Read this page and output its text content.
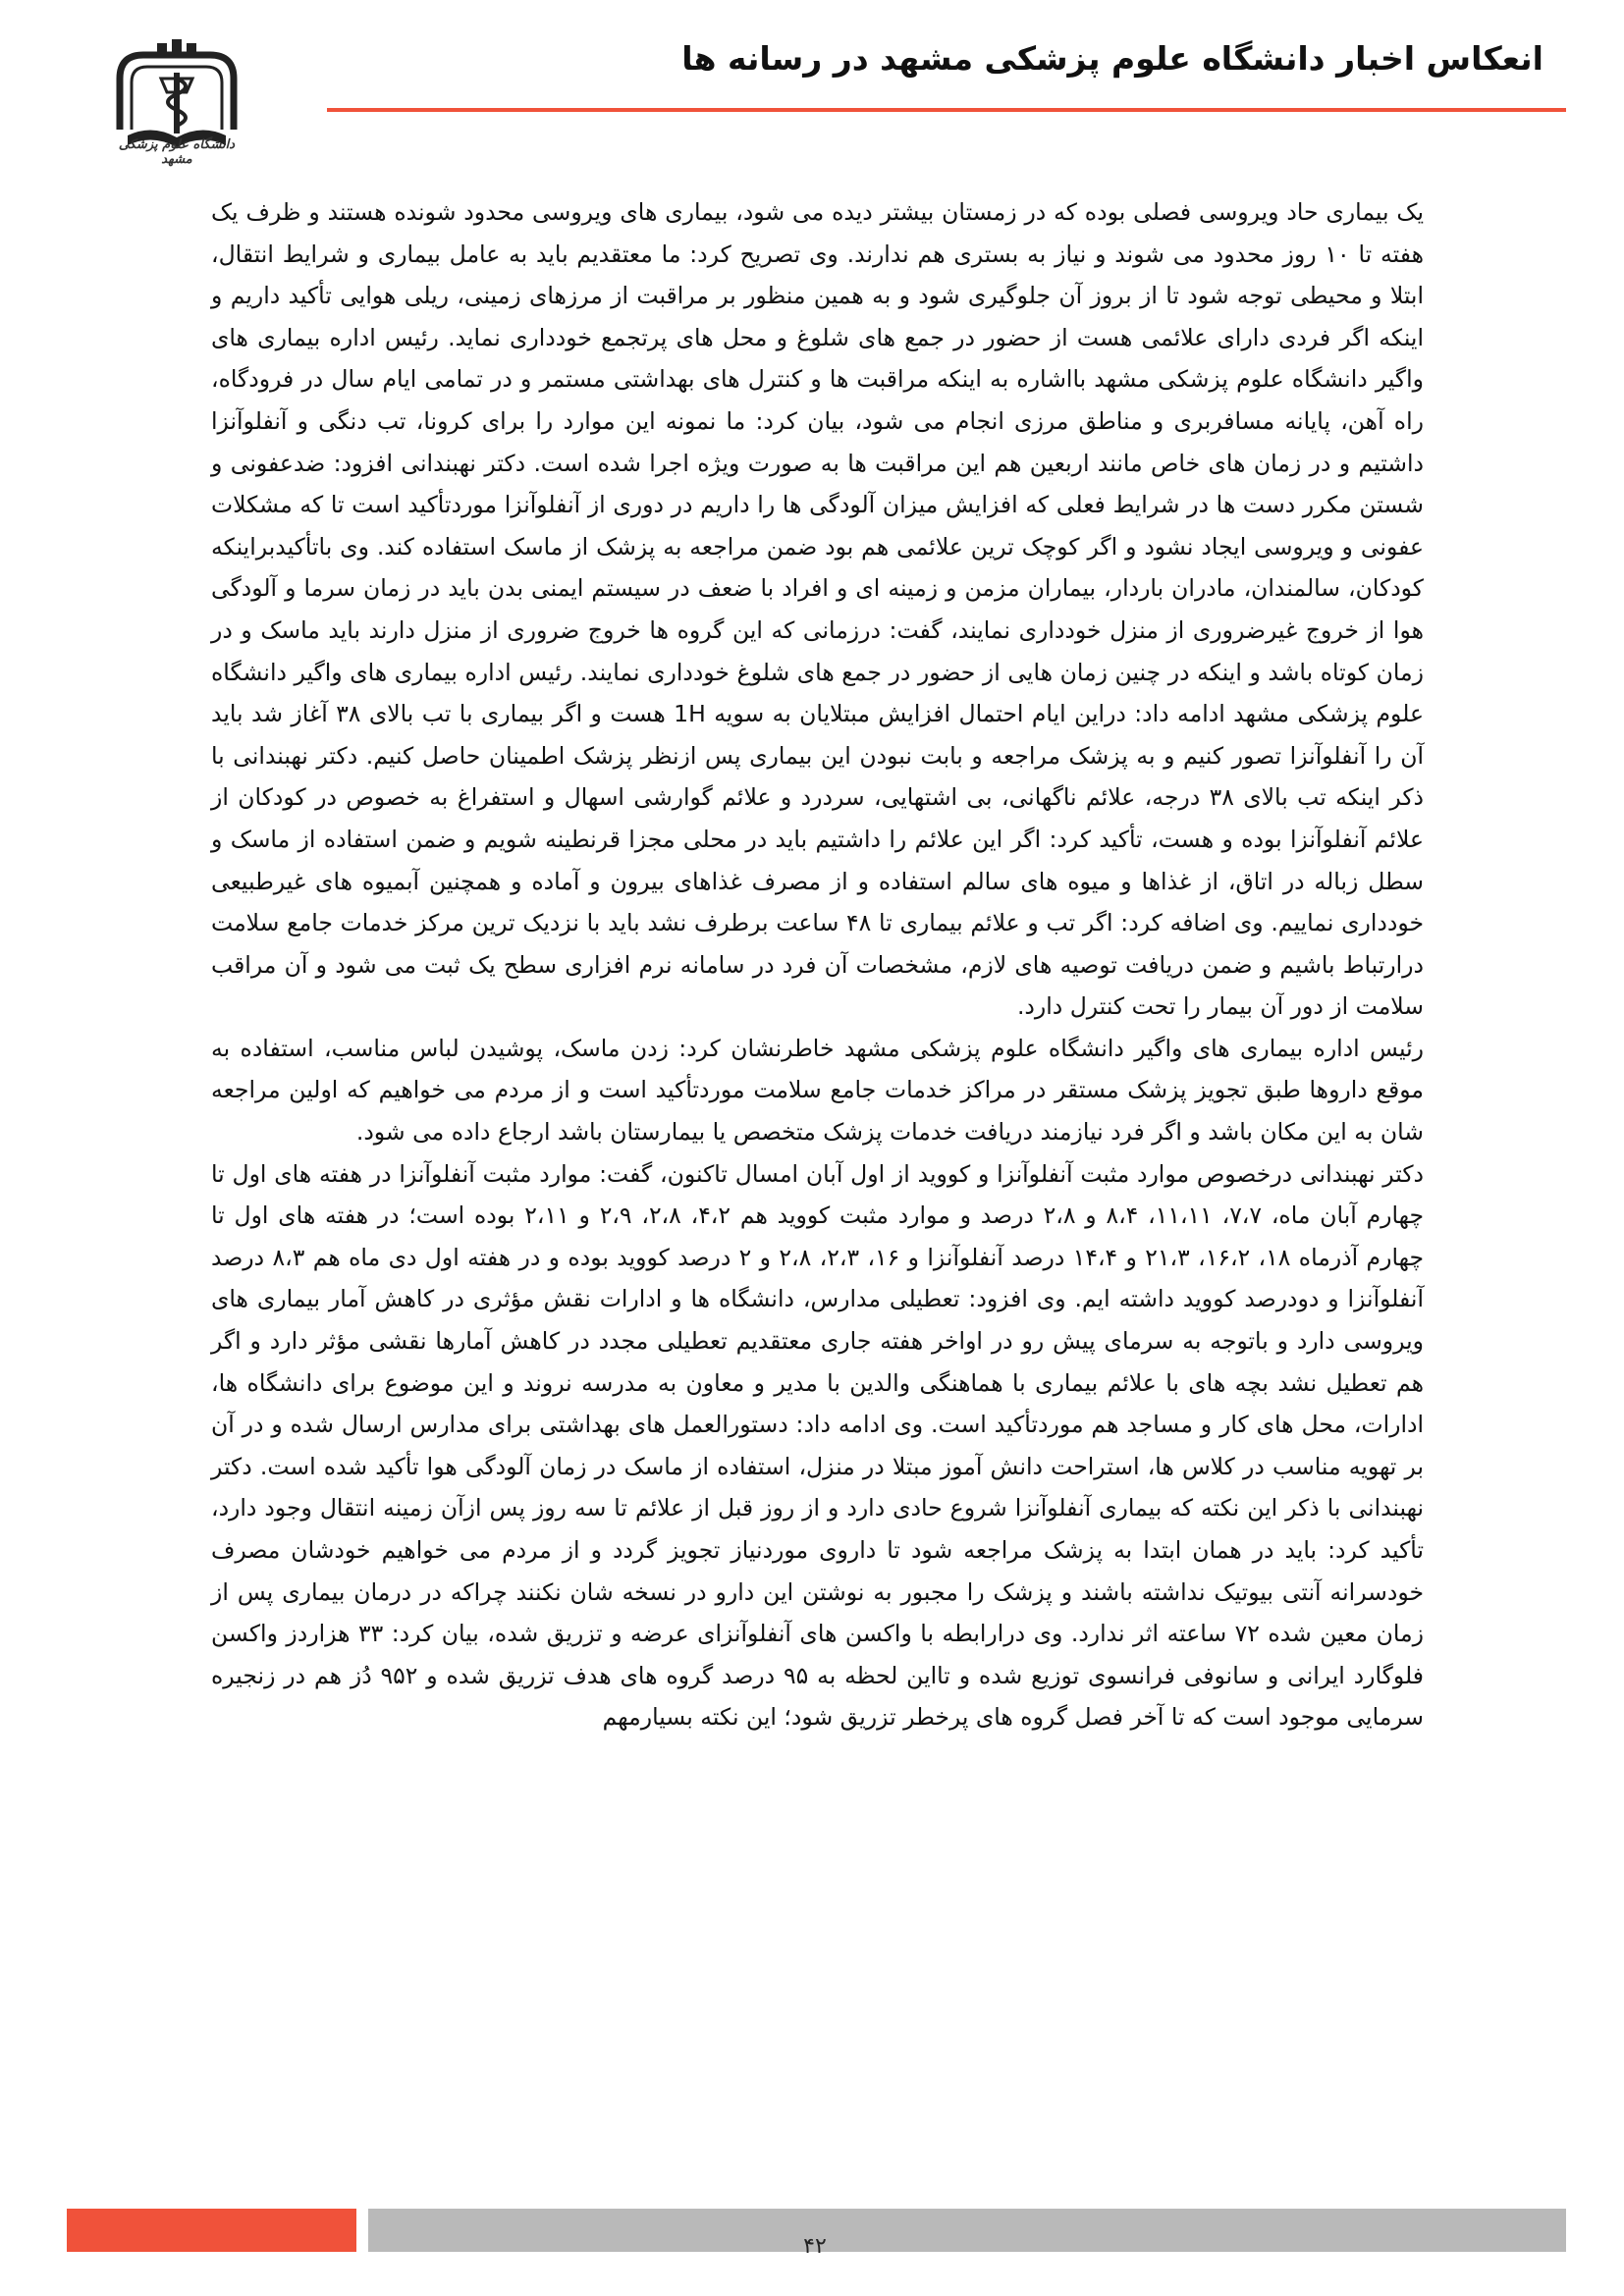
انعکاس اخبار دانشگاه علوم پزشکی مشهد در رسانه ها
دانشگاه علوم پزشکی مشهد

یک بیماری حاد ویروسی فصلی بوده که در زمستان بیشتر دیده می شود، بیماری های ویروسی محدود شونده هستند و ظرف یک هفته تا ۱۰ روز محدود می شوند و نیاز به بستری هم ندارند. وی تصریح کرد: ما معتقدیم باید به عامل بیماری و شرایط انتقال، ابتلا و محیطی توجه شود تا از بروز آن جلوگیری شود و به همین منظور بر مراقبت از مرزهای زمینی، ریلی هوایی تأکید داریم و اینکه اگر فردی دارای علائمی هست از حضور در جمع های شلوغ و محل های پرتجمع خودداری نماید. رئیس اداره بیماری های واگیر دانشگاه علوم پزشکی مشهد بااشاره به اینکه مراقبت ها و کنترل های بهداشتی مستمر و در تمامی ایام سال در فرودگاه، راه آهن، پایانه مسافربری و مناطق مرزی انجام می شود، بیان کرد: ما نمونه این موارد را برای کرونا، تب دنگی و آنفلوآنزا داشتیم و در زمان های خاص مانند اربعین هم این مراقبت ها به صورت ویژه اجرا شده است. دکتر نهبندانی افزود: ضدعفونی و شستن مکرر دست ها در شرایط فعلی که افزایش میزان آلودگی ها را داریم در دوری از آنفلوآنزا موردتأکید است تا که مشکلات عفونی و ویروسی ایجاد نشود و اگر کوچک ترین علائمی هم بود ضمن مراجعه به پزشک از ماسک استفاده کند. وی باتأکیدبراینکه کودکان، سالمندان، مادران باردار، بیماران مزمن و زمینه ای و افراد با ضعف در سیستم ایمنی بدن باید در زمان سرما و آلودگی هوا از خروج غیرضروری از منزل خودداری نمایند، گفت: درزمانی که این گروه ها خروج ضروری از منزل دارند باید ماسک و در زمان کوتاه باشد و اینکه در چنین زمان هایی از حضور در جمع های شلوغ خودداری نمایند. رئیس اداره بیماری های واگیر دانشگاه علوم پزشکی مشهد ادامه داد: دراین ایام احتمال افزایش مبتلایان به سویه 1H هست و اگر بیماری با تب بالای ۳۸ آغاز شد باید آن را آنفلوآنزا تصور کنیم و به پزشک مراجعه و بابت نبودن این بیماری پس ازنظر پزشک اطمینان حاصل کنیم. دکتر نهبندانی با ذکر اینکه تب بالای ۳۸ درجه، علائم ناگهانی، بی اشتهایی، سردرد و علائم گوارشی اسهال و استفراغ به خصوص در کودکان از علائم آنفلوآنزا بوده و هست، تأکید کرد: اگر این علائم را داشتیم باید در محلی مجزا قرنطینه شویم و ضمن استفاده از ماسک و سطل زباله در اتاق، از غذاها و میوه های سالم استفاده و از مصرف غذاهای بیرون و آماده و همچنین آبمیوه های غیرطبیعی خودداری نماییم. وی اضافه کرد: اگر تب و علائم بیماری تا ۴۸ ساعت برطرف نشد باید با نزدیک ترین مرکز خدمات جامع سلامت درارتباط باشیم و ضمن دریافت توصیه های لازم، مشخصات آن فرد در سامانه نرم افزاری سطح یک ثبت می شود و آن مراقب سلامت از دور آن بیمار را تحت کنترل دارد.

رئیس اداره بیماری های واگیر دانشگاه علوم پزشکی مشهد خاطرنشان کرد: زدن ماسک، پوشیدن لباس مناسب، استفاده به موقع داروها طبق تجویز پزشک مستقر در مراکز خدمات جامع سلامت موردتأکید است و از مردم می خواهیم که اولین مراجعه شان به این مکان باشد و اگر فرد نیازمند دریافت خدمات پزشک متخصص یا بیمارستان باشد ارجاع داده می شود.

دکتر نهبندانی درخصوص موارد مثبت آنفلوآنزا و کووید از اول آبان امسال تاکنون، گفت: موارد مثبت آنفلوآنزا در هفته های اول تا چهارم آبان ماه، ۷،۷، ۱۱،۱۱، ۸،۴ و ۲،۸ درصد و موارد مثبت کووید هم ۴،۲، ۲،۸، ۲،۹ و ۲،۱۱ بوده است؛ در هفته های اول تا چهارم آذرماه ۱۸، ۱۶،۲، ۲۱،۳ و ۱۴،۴ درصد آنفلوآنزا و ۱۶، ۲،۳، ۲،۸ و ۲ درصد کووید بوده و در هفته اول دی ماه هم ۸،۳ درصد آنفلوآنزا و دودرصد کووید داشته ایم. وی افزود: تعطیلی مدارس، دانشگاه ها و ادارات نقش مؤثری در کاهش آمار بیماری های ویروسی دارد و باتوجه به سرمای پیش رو در اواخر هفته جاری معتقدیم تعطیلی مجدد در کاهش آمارها نقشی مؤثر دارد و اگر هم تعطیل نشد بچه های با علائم بیماری با هماهنگی والدین با مدیر و معاون به مدرسه نروند و این موضوع برای دانشگاه ها، ادارات، محل های کار و مساجد هم موردتأکید است. وی ادامه داد: دستورالعمل های بهداشتی برای مدارس ارسال شده و در آن بر تهویه مناسب در کلاس ها، استراحت دانش آموز مبتلا در منزل، استفاده از ماسک در زمان آلودگی هوا تأکید شده است. دکتر نهبندانی با ذکر این نکته که بیماری آنفلوآنزا شروع حادی دارد و از روز قبل از علائم تا سه روز پس ازآن زمینه انتقال وجود دارد، تأکید کرد: باید در همان ابتدا به پزشک مراجعه شود تا داروی موردنیاز تجویز گردد و از مردم می خواهیم خودشان مصرف خودسرانه آنتی بیوتیک نداشته باشند و پزشک را مجبور به نوشتن این دارو در نسخه شان نکنند چراکه در درمان بیماری پس از زمان معین شده ۷۲ ساعته اثر ندارد. وی درارابطه با واکسن های آنفلوآنزای عرضه و تزریق شده، بیان کرد: ۳۳ هزاردز واکسن فلوگارد ایرانی و سانوفی فرانسوی توزیع شده و تااین لحظه به ۹۵ درصد گروه های هدف تزریق شده و ۹۵۲ دُز هم در زنجیره سرمایی موجود است که تا آخر فصل گروه های پرخطر تزریق شود؛ این نکته بسیارمهم

۴۲
